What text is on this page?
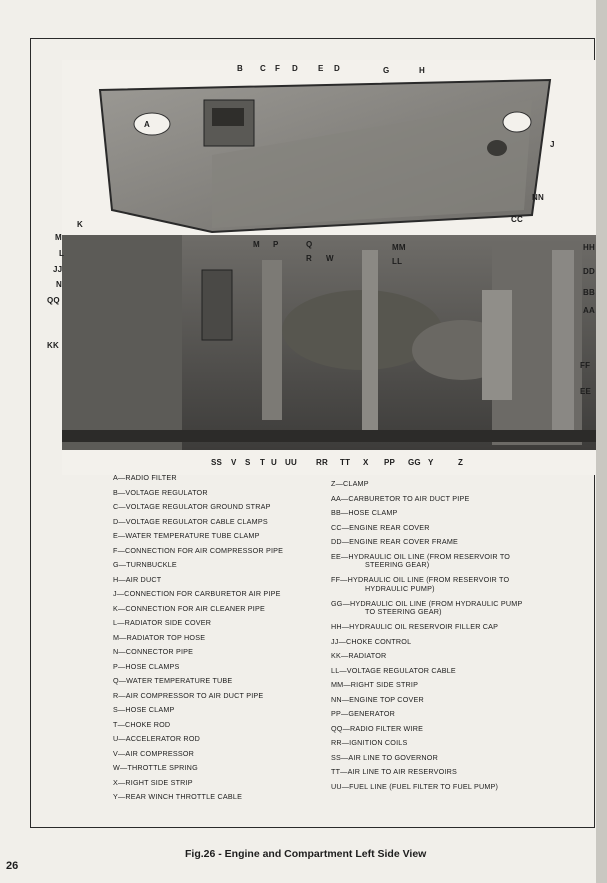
B C F D	E D	G	H
A
J
NN
K
M
L
JJ
N
QQ
KK
M P	Q
R W
MM
LL
CC
HH
DD
BB
AA
FF
EE
SS V S T U UU RR TT X PP GG Y	Z
A—RADIO FILTER
B—VOLTAGE REGULATOR
C—VOLTAGE REGULATOR GROUND STRAP
D—VOLTAGE REGULATOR CABLE CLAMPS
E—WATER TEMPERATURE TUBE CLAMP
F—CONNECTION FOR AIR COMPRESSOR PIPE
G—TURNBUCKLE
H—AIR DUCT
J—CONNECTION FOR CARBURETOR AIR PIPE
K—CONNECTION FOR AIR CLEANER PIPE
L—RADIATOR SIDE COVER
M—RADIATOR TOP HOSE
N—CONNECTOR PIPE
P—HOSE CLAMPS
Q—WATER TEMPERATURE TUBE
R—AIR COMPRESSOR TO AIR DUCT PIPE
S—HOSE CLAMP
T—CHOKE ROD
U—ACCELERATOR ROD
V—AIR COMPRESSOR
W—THROTTLE SPRING
X—RIGHT SIDE STRIP
Y—REAR WINCH THROTTLE CABLE
Z—CLAMP
AA—CARBURETOR TO AIR DUCT PIPE
BB—HOSE CLAMP
CC—ENGINE REAR COVER
DD—ENGINE REAR COVER FRAME
EE—HYDRAULIC OIL LINE (FROM RESERVOIR TO
STEERING GEAR)
FF—HYDRAULIC OIL LINE (FROM RESERVOIR TO
HYDRAULIC PUMP)
GG—HYDRAULIC OIL LINE (FROM HYDRAULIC PUMP
TO STEERING GEAR)
HH—HYDRAULIC OIL RESERVOIR FILLER CAP
JJ—CHOKE CONTROL
KK—RADIATOR
LL—VOLTAGE REGULATOR CABLE
MM—RIGHT SIDE STRIP
NN—ENGINE TOP COVER
PP—GENERATOR
QQ—RADIO FILTER WIRE
RR—IGNITION COILS
SS—AIR LINE TO GOVERNOR
TT—AIR LINE TO AIR RESERVOIRS
UU—FUEL LINE (FUEL FILTER TO FUEL PUMP)
Fig.26 - Engine and Compartment Left Side View
26
